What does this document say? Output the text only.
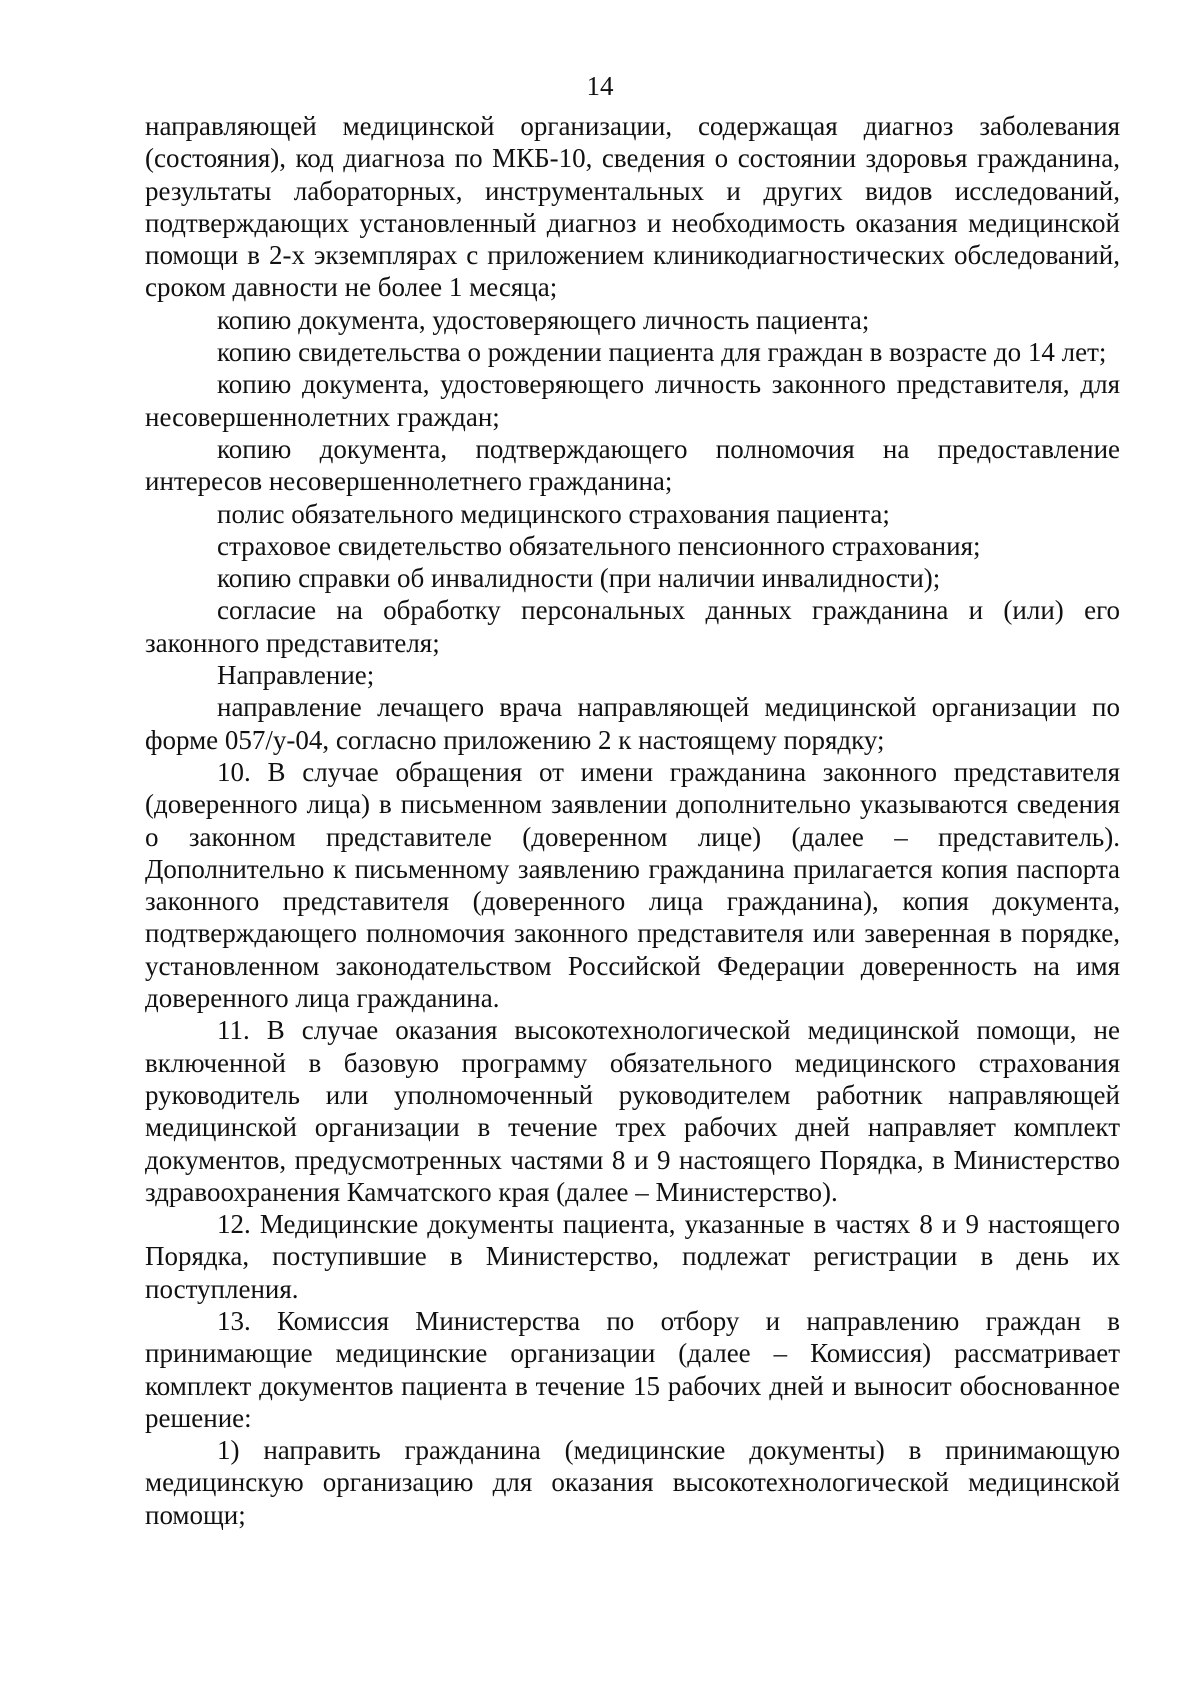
14

направляющей медицинской организации, содержащая диагноз заболевания (состояния), код диагноза по МКБ-10, сведения о состоянии здоровья гражданина, результаты лабораторных, инструментальных и других видов исследований, подтверждающих установленный диагноз и необходимость оказания медицинской помощи в 2-х экземплярах с приложением клиникодиагностических обследований, сроком давности не более 1 месяца;

копию документа, удостоверяющего личность пациента;

копию свидетельства о рождении пациента для граждан в возрасте до 14 лет;

копию документа, удостоверяющего личность законного представителя, для несовершеннолетних граждан;

копию документа, подтверждающего полномочия на предоставление интересов несовершеннолетнего гражданина;

полис обязательного медицинского страхования пациента;

страховое свидетельство обязательного пенсионного страхования;

копию справки об инвалидности (при наличии инвалидности);

согласие на обработку персональных данных гражданина и (или) его законного представителя;

Направление;

направление лечащего врача направляющей медицинской организации по форме 057/у-04, согласно приложению 2 к настоящему порядку;

10. В случае обращения от имени гражданина законного представителя (доверенного лица) в письменном заявлении дополнительно указываются сведения о законном представителе (доверенном лице) (далее – представитель). Дополнительно к письменному заявлению гражданина прилагается копия паспорта законного представителя (доверенного лица гражданина), копия документа, подтверждающего полномочия законного представителя или заверенная в порядке, установленном законодательством Российской Федерации доверенность на имя доверенного лица гражданина.

11. В случае оказания высокотехнологической медицинской помощи, не включенной в базовую программу обязательного медицинского страхования руководитель или уполномоченный руководителем работник направляющей медицинской организации в течение трех рабочих дней направляет комплект документов, предусмотренных частями 8 и 9 настоящего Порядка, в Министерство здравоохранения Камчатского края (далее – Министерство).

12. Медицинские документы пациента, указанные в частях 8 и 9 настоящего Порядка, поступившие в Министерство, подлежат регистрации в день их поступления.

13. Комиссия Министерства по отбору и направлению граждан в принимающие медицинские организации (далее – Комиссия) рассматривает комплект документов пациента в течение 15 рабочих дней и выносит обоснованное решение:

1) направить гражданина (медицинские документы) в принимающую медицинскую организацию для оказания высокотехнологической медицинской помощи;
